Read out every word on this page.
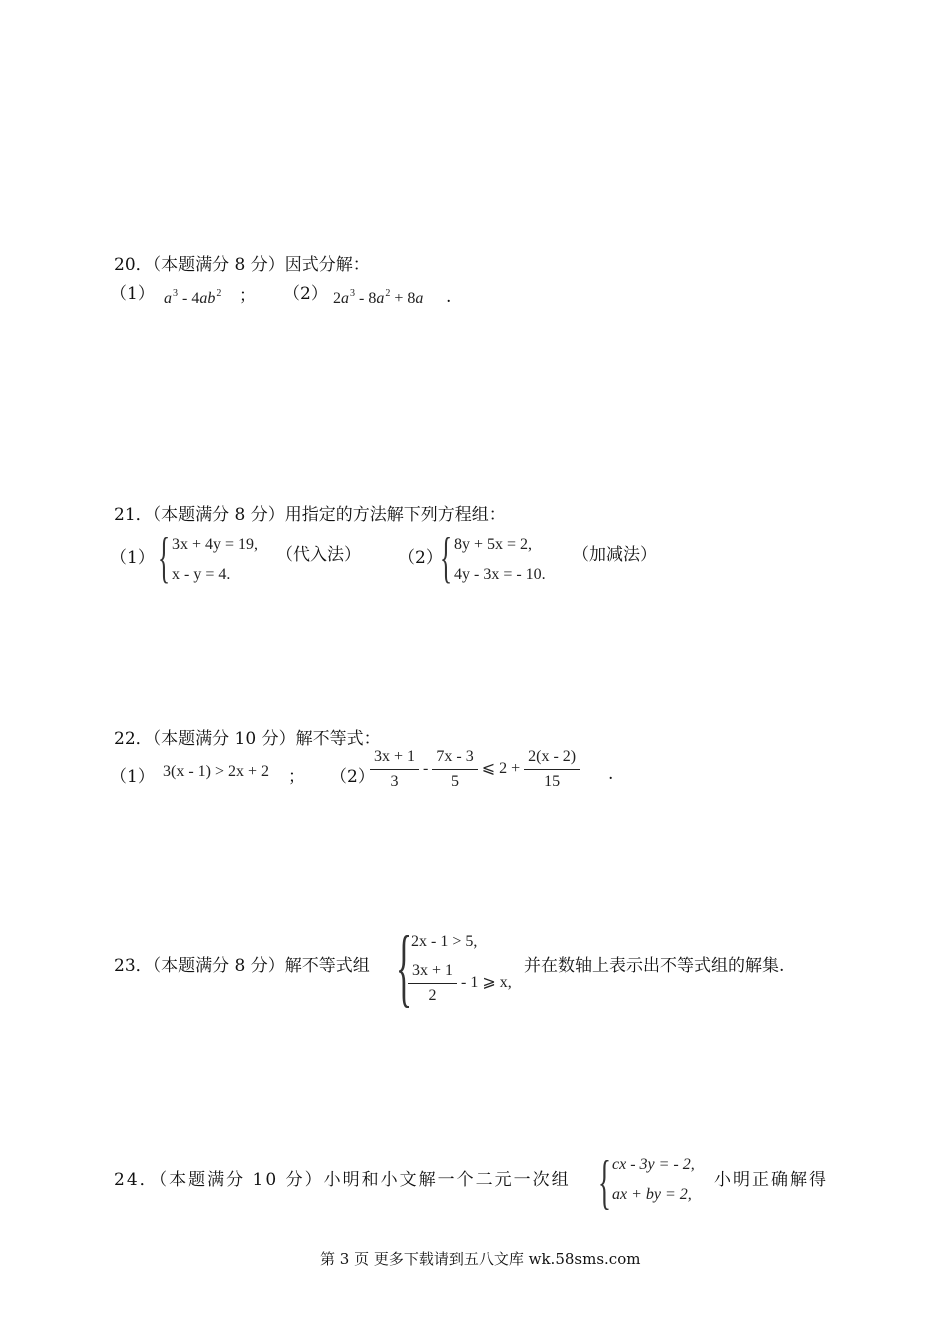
20．（本题满分 8 分）因式分解：
（1） $a^3 - 4ab^2$ ； （2） $2a^3 - 8a^2 + 8a$ .
21．（本题满分 8 分）用指定的方法解下列方程组：
（1） { 3x + 4y = 19,
x - y = 4.
（代入法） （2）
{ 8y + 5x = 2,
4y - 3x = - 10.
（加减法）
22．（本题满分 10 分）解不等式：
（1） 3(x - 1) > 2x + 2 ； （2）
$\frac{3x + 1}{3} - \frac{7x - 3}{5}$ ⩽ $2 + \frac{2(x - 2)}{15}$ .
23．（本题满分 8 分）解不等式组 {
2x - 1 > 5,
$\frac{3x + 1}{2} - 1$ ⩾ x,
并在数轴上表示出不等式组的解集.
24．（本题满分 10 分）小明和小文解一个二元一次组 { cx - 3y = - 2,
ax + by = 2,
小明正确解得
第 3 页 更多下载请到五八文库 wk.58sms.com
